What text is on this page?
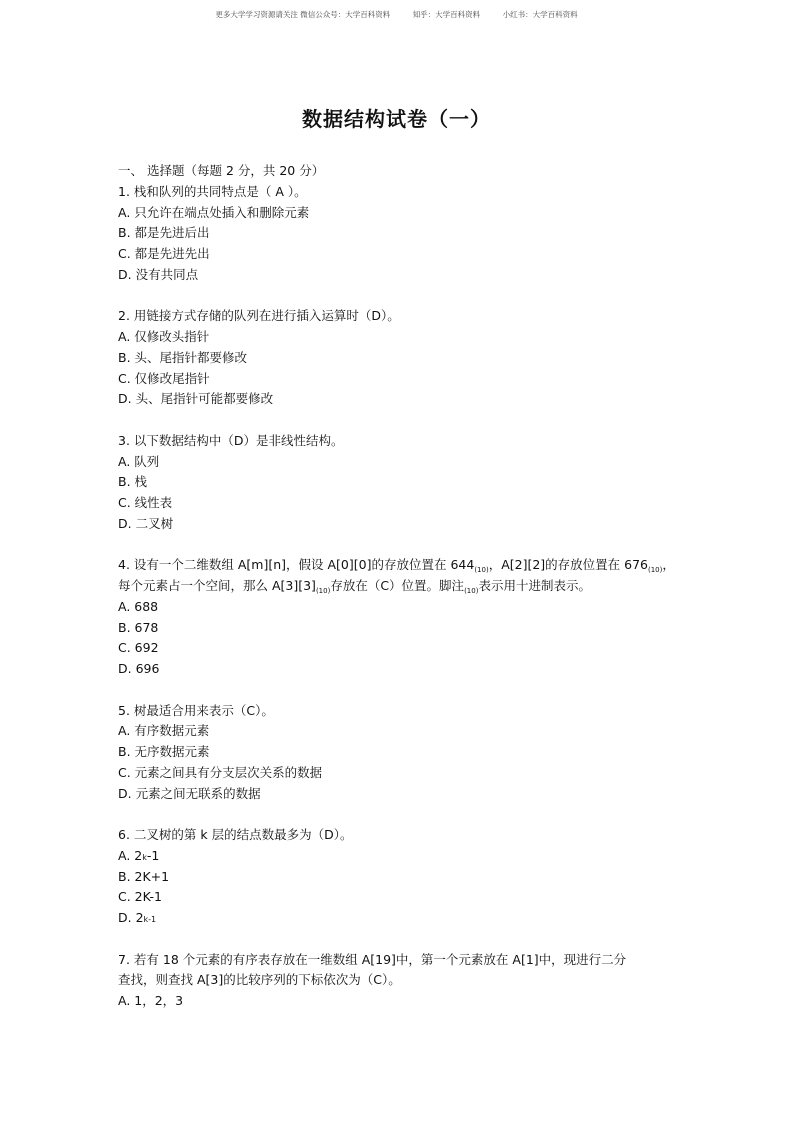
更多大学学习资源请关注 微信公众号：大学百科资料	知乎：大学百科资料	小红书：大学百科资料
数据结构试卷（一）
一、 选择题（每题 2 分，共 20 分）
1. 栈和队列的共同特点是（ A ）。
A. 只允许在端点处插入和删除元素
B. 都是先进后出
C. 都是先进先出
D. 没有共同点
2. 用链接方式存储的队列在进行插入运算时（D）。
A. 仅修改头指针
B. 头、尾指针都要修改
C. 仅修改尾指针
D. 头、尾指针可能都要修改
3. 以下数据结构中（D）是非线性结构。
A. 队列
B. 栈
C. 线性表
D. 二叉树
4. 设有一个二维数组 A[m][n]，假设 A[0][0]的存放位置在 $644_{(10)}$，A[2][2]的存放位置在 $676_{(10)}$，
每个元素占一个空间，那么 $A[3][3]_{(10)}$存放在（C）位置。脚注$_{(10)}$表示用十进制表示。
A. 688
B. 678
C. 692
D. 696
5. 树最适合用来表示（C）。
A. 有序数据元素
B. 无序数据元素
C. 元素之间具有分支层次关系的数据
D. 元素之间无联系的数据
6. 二叉树的第 k 层的结点数最多为（D）。
A. 2k-1
B. 2K+1
C. 2K-1
D. 2k-1
7. 若有 18 个元素的有序表存放在一维数组 A[19]中，第一个元素放在 A[1]中，现进行二分
查找，则查找 A[3]的比较序列的下标依次为（C）。
A. 1，2，3
